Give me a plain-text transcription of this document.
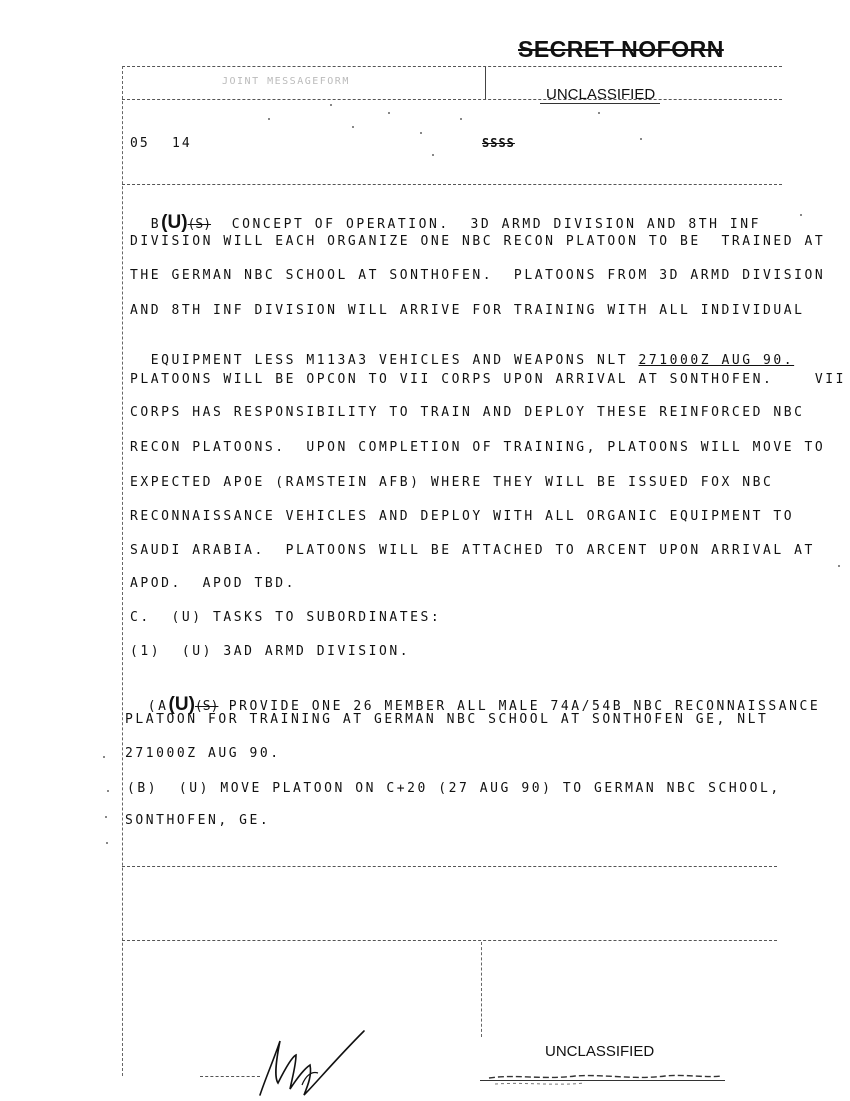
SECRET NOFORN
JOINT MESSAGEFORM
UNCLASSIFIED
05 14	SSSS

B(U)(S) CONCEPT OF OPERATION.  3D ARMD DIVISION AND 8TH INF

DIVISION WILL EACH ORGANIZE ONE NBC RECON PLATOON TO BE  TRAINED AT
THE GERMAN NBC SCHOOL AT SONTHOFEN.  PLATOONS FROM 3D ARMD DIVISION
AND 8TH INF DIVISION WILL ARRIVE FOR TRAINING WITH ALL INDIVIDUAL

EQUIPMENT LESS M113A3 VEHICLES AND WEAPONS NLT 271000Z AUG 90.

PLATOONS WILL BE OPCON TO VII CORPS UPON ARRIVAL AT SONTHOFEN.    VII
CORPS HAS RESPONSIBILITY TO TRAIN AND DEPLOY THESE REINFORCED NBC
RECON PLATOONS.  UPON COMPLETION OF TRAINING, PLATOONS WILL MOVE TO
EXPECTED APOE (RAMSTEIN AFB) WHERE THEY WILL BE ISSUED FOX NBC
RECONNAISSANCE VEHICLES AND DEPLOY WITH ALL ORGANIC EQUIPMENT TO
SAUDI ARABIA.  PLATOONS WILL BE ATTACHED TO ARCENT UPON ARRIVAL AT
APOD.  APOD TBD.
C.  (U) TASKS TO SUBORDINATES:
(1)  (U) 3AD ARMD DIVISION.

(A(U)(S) PROVIDE ONE 26 MEMBER ALL MALE 74A/54B NBC RECONNAISSANCE

PLATOON FOR TRAINING AT GERMAN NBC SCHOOL AT SONTHOFEN GE, NLT
271000Z AUG 90.
(B)  (U) MOVE PLATOON ON C+20 (27 AUG 90) TO GERMAN NBC SCHOOL,
SONTHOFEN, GE.
UNCLASSIFIED
